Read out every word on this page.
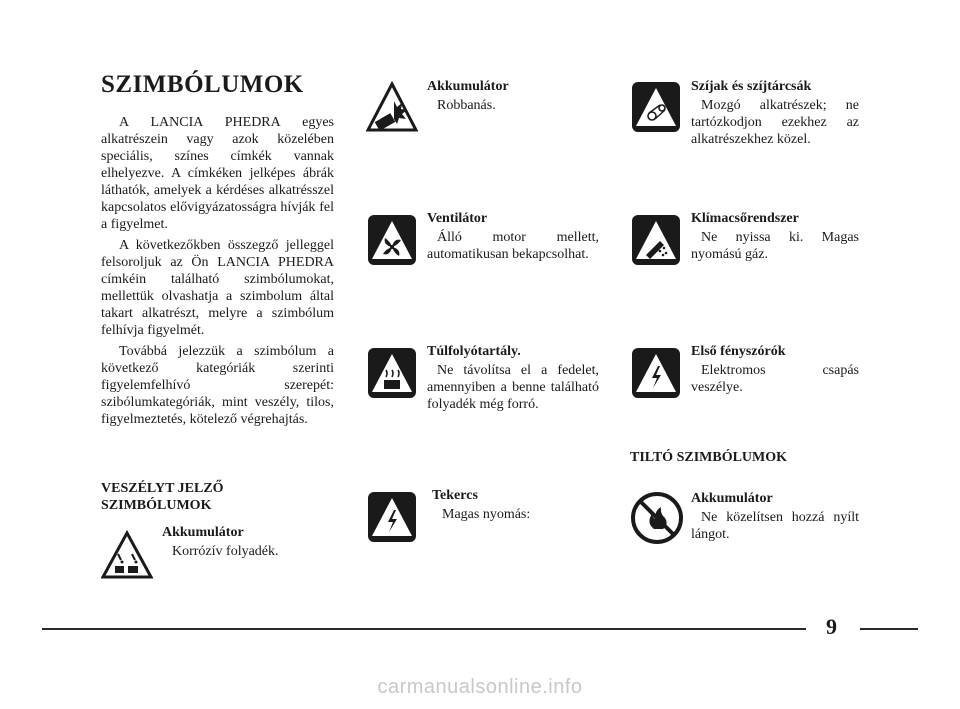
SZIMBÓLUMOK

A LANCIA PHEDRA egyes alkatrészein vagy azok közelében speciális, színes címkék vannak elhelyezve. A címkéken jelképes ábrák láthatók, amelyek a kérdéses alkatrésszel kapcsolatos elővigyázatosságra hívják fel a figyelmet.

A következőkben összegző jelleggel felsoroljuk az Ön LANCIA PHEDRA címkéin található szimbólumokat, mellettük olvashatja a szimbolum által takart alkatrészt, melyre a szimbólum felhívja figyelmét.

Továbbá jelezzük a szimbólum a következő kategóriák szerinti figyelemfelhívó szerepét: szibólumkategóriák, mint veszély, tilos, figyelmeztetés, kötelező végrehajtás.

VESZÉLYT JELZŐ

SZIMBÓLUMOK

Akkumulátor

Korrózív folyadék.

Akkumulátor

Robbanás.

Ventilátor

Álló motor mellett, automatikusan bekapcsolhat.

Túlfolyótartály.

Ne távolítsa el a fedelet, amennyiben a benne található folyadék még forró.

Tekercs

Magas nyomás:

Szíjak és szíjtárcsák

Mozgó alkatrészek; ne tartózkodjon ezekhez az alkatrészekhez közel.

Klímacsőrendszer

Ne nyissa ki. Magas nyomású gáz.

Első fényszórók

Elektromos csapás veszélye.

TILTÓ SZIMBÓLUMOK

Akkumulátor

Ne közelítsen hozzá nyílt lángot.

9
carmanualsonline.info
